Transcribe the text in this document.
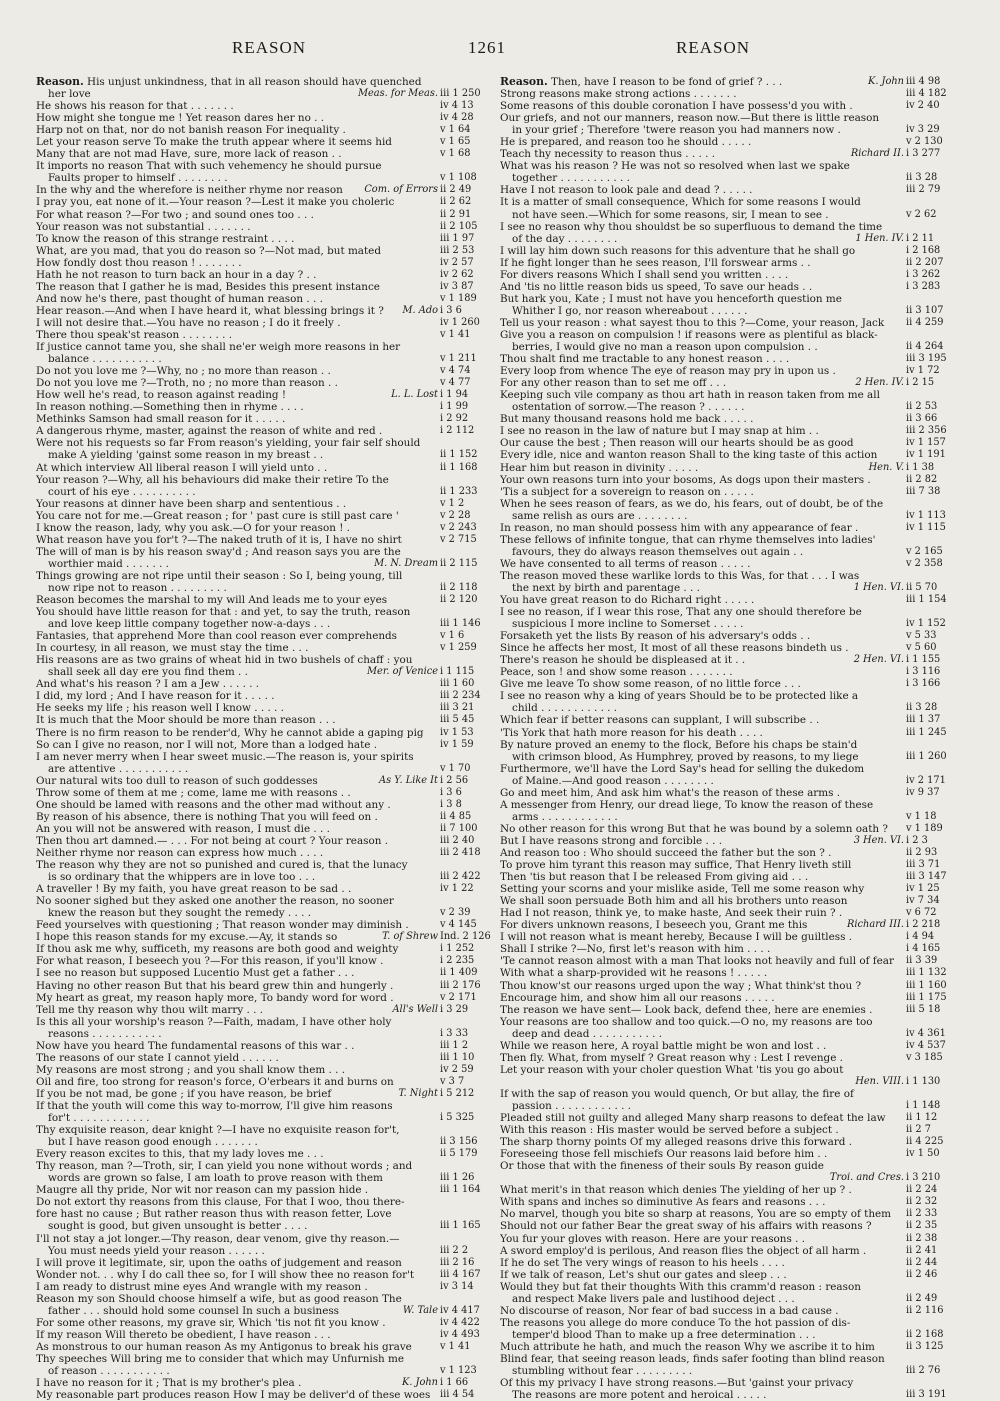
REASON	1261	REASON
Reason. His unjust unkindness, that in all reason should have quenched
her love	Meas. for Meas. iii 1 250
He shows his reason for that . . . . . . .	iv 4 13
How might she tongue me ! Yet reason dares her no . .	iv 4 28
Harp not on that, nor do not banish reason For inequality .	v 1 64
Let your reason serve To make the truth appear where it seems hid	v 1 65
Many that are not mad Have, sure, more lack of reason . .	v 1 68
It imports no reason That with such vehemency he should pursue
Faults proper to himself . . . . . . . .	v 1 108
In the why and the wherefore is neither rhyme nor reason Com. of Errors ii 2 49
I pray you, eat none of it.—Your reason ?—Lest it make you choleric	ii 2 62
For what reason ?—For two ; and sound ones too . . .	ii 2 91
Your reason was not substantial . . . . . . .	ii 2 105
To know the reason of this strange restraint . . . .	iii 1 97
What, are you mad, that you do reason so ?—Not mad, but mated	iii 2 53
How fondly dost thou reason ! . . . . . . .	iv 2 57
Hath he not reason to turn back an hour in a day ? . .	iv 2 62
The reason that I gather he is mad, Besides this present instance	iv 3 87
And now he's there, past thought of human reason . . .	v 1 189
Hear reason.—And when I have heard it, what blessing brings it ? M. Ado i 3 6
I will not desire that.—You have no reason ; I do it freely .	iv 1 260
There thou speak'st reason . . . . . . . .	v 1 41
If justice cannot tame you, she shall ne'er weigh more reasons in her
balance . . . . . . . . . . .	v 1 211
Do not you love me ?—Why, no ; no more than reason . .	v 4 74
Do not you love me ?—Troth, no ; no more than reason . .	v 4 77
How well he's read, to reason against reading !	L. L. Lost i 1 94
In reason nothing.—Something then in rhyme . . . .	i 1 99
Methinks Samson had small reason for it . . . . .	i 2 92
A dangerous rhyme, master, against the reason of white and red .	i 2 112
Were not his requests so far From reason's yielding, your fair self should
make A yielding 'gainst some reason in my breast . .	ii 1 152
At which interview All liberal reason I will yield unto . .	ii 1 168
Your reason ?—Why, all his behaviours did make their retire To the
court of his eye . . . . . . . . . .	ii 1 233
Your reasons at dinner have been sharp and sententious . .	v 1 2
You care not for me.—Great reason ; for ' past cure is still past care '	v 2 28
I know the reason, lady, why you ask.—O for your reason ! .	v 2 243
What reason have you for't ?—The naked truth of it is, I have no shirt	v 2 715
The will of man is by his reason sway'd ; And reason says you are the
worthier maid . . . . . . .	M. N. Dream ii 2 115
Things growing are not ripe until their season : So I, being young, till
now ripe not to reason . . . . . . . . .	ii 2 118
Reason becomes the marshal to my will And leads me to your eyes	ii 2 120
You should have little reason for that : and yet, to say the truth, reason
and love keep little company together now-a-days . . .	iii 1 146
Fantasies, that apprehend More than cool reason ever comprehends	v 1 6
In courtesy, in all reason, we must stay the time . . .	v 1 259
His reasons are as two grains of wheat hid in two bushels of chaff : you
shall seek all day ere you find them . .	Mer. of Venice i 1 115
And what's his reason ? I am a Jew . . . . . .	iii 1 60
I did, my lord ; And I have reason for it . . . . .	iii 2 234
He seeks my life ; his reason well I know . . . . .	iii 3 21
It is much that the Moor should be more than reason . . .	iii 5 45
There is no firm reason to be render'd, Why he cannot abide a gaping pig iv 1 53
So can I give no reason, nor I will not, More than a lodged hate .	iv 1 59
I am never merry when I hear sweet music.—The reason is, your spirits
are attentive . . . . . . . . . . .	v 1 70
Our natural wits too dull to reason of such goddesses	As Y. Like It i 2 56
Throw some of them at me ; come, lame me with reasons . .	i 3 6
One should be lamed with reasons and the other mad without any .	i 3 8
By reason of his absence, there is nothing That you will feed on .	ii 4 85
An you will not be answered with reason, I must die . . .	ii 7 100
Then thou art damned.— . . . For not being at court ? Your reason .	iii 2 40
Neither rhyme nor reason can express how much . . . .	iii 2 418
The reason why they are not so punished and cured is, that the lunacy
is so ordinary that the whippers are in love too . . .	iii 2 422
A traveller ! By my faith, you have great reason to be sad . .	iv 1 22
No sooner sighed but they asked one another the reason, no sooner
knew the reason but they sought the remedy . . . .	v 2 39
Feed yourselves with questioning ; That reason wonder may diminish .	v 4 145
I hope this reason stands for my excuse.—Ay, it stands so	T. of Shrew Ind. 2 126
If thou ask me why, sufficeth, my reasons are both good and weighty	i 1 252
For what reason, I beseech you ?—For this reason, if you'll know .	i 2 235
I see no reason but supposed Lucentio Must get a father . . .	ii 1 409
Having no other reason But that his beard grew thin and hungerly .	iii 2 176
My heart as great, my reason haply more, To bandy word for word .	v 2 171
Tell me thy reason why thou wilt marry . . .	All's Well i 3 29
Is this all your worship's reason ?—Faith, madam, I have other holy
reasons . . . . . . . . . . .	i 3 33
Now have you heard The fundamental reasons of this war . .	iii 1 2
The reasons of our state I cannot yield . . . . . .	iii 1 10
My reasons are most strong ; and you shall know them . . .	iv 2 59
Oil and fire, too strong for reason's force, O'erbears it and burns on	v 3 7
If you be not mad, be gone ; if you have reason, be brief	T. Night i 5 212
If that the youth will come this way to-morrow, I'll give him reasons
for't . . . . . . . . . . . .	i 5 325
Thy exquisite reason, dear knight ?—I have no exquisite reason for't,
but I have reason good enough . . . . . . .	ii 3 156
Every reason excites to this, that my lady loves me . . .	ii 5 179
Thy reason, man ?—Troth, sir, I can yield you none without words ; and
words are grown so false, I am loath to prove reason with them	iii 1 26
Maugre all thy pride, Nor wit nor reason can my passion hide .	iii 1 164
Do not extort thy reasons from this clause, For that I woo, thou there-
fore hast no cause ; But rather reason thus with reason fetter, Love
sought is good, but given unsought is better . . . .	iii 1 165
I'll not stay a jot longer.—Thy reason, dear venom, give thy reason.—
You must needs yield your reason . . . . . .	iii 2 2
I will prove it legitimate, sir, upon the oaths of judgement and reason	iii 2 16
Wonder not. . . why I do call thee so, for I will show thee no reason for't	iii 4 167
I am ready to distrust mine eyes And wrangle with my reason .	iv 3 14
Reason my son Should choose himself a wife, but as good reason The
father . . . should hold some counsel In such a business	W. Tale iv 4 417
For some other reasons, my grave sir, Which 'tis not fit you know .	iv 4 422
If my reason Will thereto be obedient, I have reason . . .	iv 4 493
As monstrous to our human reason As my Antigonus to break his grave	v 1 41
Thy speeches Will bring me to consider that which may Unfurnish me
of reason . . . . . . . . . . .	v 1 123
I have no reason for it ; That is my brother's plea .	K. John i 1 66
My reasonable part produces reason How I may be deliver'd of these woes iii 4 54
Reason. Then, have I reason to be fond of grief ? . . .	K. John iii 4 98
Strong reasons make strong actions . . . . . . .	iii 4 182
Some reasons of this double coronation I have possess'd you with .	iv 2 40
Our griefs, and not our manners, reason now.—But there is little reason
in your grief ; Therefore 'twere reason you had manners now .	iv 3 29
He is prepared, and reason too he should . . . . .	v 2 130
Teach thy necessity to reason thus . . . . .	Richard II. i 3 277
What was his reason ? He was not so resolved when last we spake
together . . . . . . . . . . .	ii 3 28
Have I not reason to look pale and dead ? . . . . .	iii 2 79
It is a matter of small consequence, Which for some reasons I would
not have seen.—Which for some reasons, sir, I mean to see .	v 2 62
I see no reason why thou shouldst be so superfluous to demand the time
of the day . . . . . . . .	1 Hen. IV. i 2 11
I will lay him down such reasons for this adventure that he shall go	i 2 168
If he fight longer than he sees reason, I'll forswear arms . .	ii 2 207
For divers reasons Which I shall send you written . . . .	i 3 262
And 'tis no little reason bids us speed, To save our heads . .	i 3 283
But hark you, Kate ; I must not have you henceforth question me
Whither I go, nor reason whereabout . . . . . .	ii 3 107
Tell us your reason : what sayest thou to this ?—Come, your reason, Jack ii 4 259
Give you a reason on compulsion ! if reasons were as plentiful as black-
berries, I would give no man a reason upon compulsion . .	ii 4 264
Thou shalt find me tractable to any honest reason . . . .	iii 3 195
Every loop from whence The eye of reason may pry in upon us .	iv 1 72
For any other reason than to set me off . . .	2 Hen. IV. i 2 15
Keeping such vile company as thou art hath in reason taken from me all
ostentation of sorrow.—The reason ? . . . . . .	ii 2 53
But many thousand reasons hold me back . . . . .	ii 3 66
I see no reason in the law of nature but I may snap at him . .	iii 2 356
Our cause the best ; Then reason will our hearts should be as good	iv 1 157
Every idle, nice and wanton reason Shall to the king taste of this action	iv 1 191
Hear him but reason in divinity . . . . .	Hen. V. i 1 38
Your own reasons turn into your bosoms, As dogs upon their masters .	ii 2 82
'Tis a subject for a sovereign to reason on . . . . .	iii 7 38
When he sees reason of fears, as we do, his fears, out of doubt, be of the
same relish as ours are . . . . . . . .	iv 1 113
In reason, no man should possess him with any appearance of fear .	iv 1 115
These fellows of infinite tongue, that can rhyme themselves into ladies'
favours, they do always reason themselves out again . .	v 2 165
We have consented to all terms of reason . . . . .	v 2 358
The reason moved these warlike lords to this Was, for that . . . I was
the next by birth and parentage . . .	1 Hen. VI. ii 5 70
You have great reason to do Richard right . . . . .	iii 1 154
I see no reason, if I wear this rose, That any one should therefore be
suspicious I more incline to Somerset . . . . .	iv 1 152
Forsaketh yet the lists By reason of his adversary's odds . .	v 5 33
Since he affects her most, It most of all these reasons bindeth us .	v 5 60
There's reason he should be displeased at it . .	2 Hen. VI. i 1 155
Peace, son ! and show some reason . . . . . . .	i 3 116
Give me leave To show some reason, of no little force . . .	i 3 166
I see no reason why a king of years Should be to be protected like a
child . . . . . . . . . . . .	ii 3 28
Which fear if better reasons can supplant, I will subscribe . .	iii 1 37
'Tis York that hath more reason for his death . . . .	iii 1 245
By nature proved an enemy to the flock, Before his chaps be stain'd
with crimson blood, As Humphrey, proved by reasons, to my liege	iii 1 260
Furthermore, we'll have the Lord Say's head for selling the dukedom
of Maine.—And good reason . . . . . . . .	iv 2 171
Go and meet him, And ask him what's the reason of these arms .	iv 9 37
A messenger from Henry, our dread liege, To know the reason of these
arms . . . . . . . . . . . .	v 1 18
No other reason for this wrong But that he was bound by a solemn oath ? v 1 189
But I have reasons strong and forcible . . .	3 Hen. VI. i 2 3
And reason too : Who should succeed the father but the son ? .	ii 2 93
To prove him tyrant this reason may suffice, That Henry liveth still	iii 3 71
Then 'tis but reason that I be released From giving aid . . .	iii 3 147
Setting your scorns and your mislike aside, Tell me some reason why	iv 1 25
We shall soon persuade Both him and all his brothers unto reason	iv 7 34
Had I not reason, think ye, to make haste, And seek their ruin ? .	v 6 72
For divers unknown reasons, I beseech you, Grant me this	Richard III. i 2 218
I will not reason what is meant hereby, Because I will be guiltless .	i 4 94
Shall I strike ?—No, first let's reason with him . . . .	i 4 165
'Te cannot reason almost with a man That looks not heavily and full of fear ii 3 39
With what a sharp-provided wit he reasons ! . . . . .	iii 1 132
Thou know'st our reasons urged upon the way ; What think'st thou ?	iii 1 160
Encourage him, and show him all our reasons . . . . .	iii 1 175
The reason we have sent— Look back, defend thee, here are enemies .	iii 5 18
Your reasons are too shallow and too quick.—O no, my reasons are too
deep and dead . . . . . . . . . . .	iv 4 361
While we reason here, A royal battle might be won and lost . .	iv 4 537
Then fly. What, from myself ? Great reason why : Lest I revenge .	v 3 185
Let your reason with your choler question What 'tis you go about
Hen. VIII. i 1 130
If with the sap of reason you would quench, Or but allay, the fire of
passion . . . . . . . . . . . .	i 1 148
Pleaded still not guilty and alleged Many sharp reasons to defeat the law ii 1 12
With this reason : His master would be served before a subject .	ii 2 7
The sharp thorny points Of my alleged reasons drive this forward .	ii 4 225
Foreseeing those fell mischiefs Our reasons laid before him . .	iv 1 50
Or those that with the fineness of their souls By reason guide
Troi. and Cres. i 3 210
What merit's in that reason which denies The yielding of her up ? .	ii 2 24
With spans and inches so diminutive As fears and reasons . . .	ii 2 32
No marvel, though you bite so sharp at reasons, You are so empty of them ii 2 33
Should not our father Bear the great sway of his affairs with reasons ?	ii 2 35
You fur your gloves with reason. Here are your reasons . .	ii 2 38
A sword employ'd is perilous, And reason flies the object of all harm .	ii 2 41
If he do set The very wings of reason to his heels . . . .	ii 2 44
If we talk of reason, Let's shut our gates and sleep . . .	ii 2 46
Would they but fat their thoughts With this cramm'd reason : reason
and respect Make livers pale and lustihood deject . . .	ii 2 49
No discourse of reason, Nor fear of bad success in a bad cause .	ii 2 116
The reasons you allege do more conduce To the hot passion of dis-
temper'd blood Than to make up a free determination . . .	ii 2 168
Much attribute he hath, and much the reason Why we ascribe it to him	ii 3 125
Blind fear, that seeing reason leads, finds safer footing than blind reason
stumbling without fear . . . . . . . . .	iii 2 76
Of this my privacy I have strong reasons.—But 'gainst your privacy
The reasons are more potent and heroical . . . . .	iii 3 191
